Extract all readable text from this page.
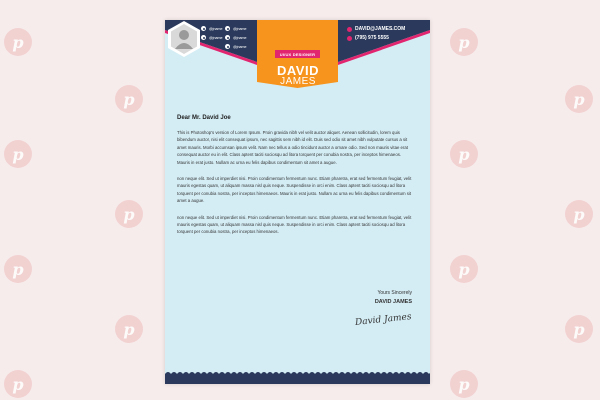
p
p
p
p
p
p
p
p
p
p
p
p
p
p
@jname	@jname
@jname
@jname
@jname
UI/UX DESIGNER
DAVID
JAMES
DAVID@JAMES.COM
(795) 975 5555

Dear Mr. David Joe

This is Photoshop's version of Lorem Ipsum. Proin gravida nibh vel velit auctor aliquet. Aenean sollicitudin, lorem quis bibendum auctor, nisi elit consequat ipsum, nec sagittis sem nibh id elit. Duis sed odio sit amet nibh vulputate cursus a sit amet mauris. Morbi accumsan ipsum velit. Nam nec tellus a odio tincidunt auctor a ornare odio. Sed non mauris vitae erat consequat auctor eu in elit. Class aptent taciti sociosqu ad litora torquent per conubia nostra, per inceptos himenaeos. Mauris in erat justo. Nullam ac urna eu felis dapibus condimentum sit amet a augue.

non neque elit. Sed ut imperdiet nisi. Proin condimentum fermentum nunc. Etiam pharetra, erat sed fermentum feugiat, velit mauris egestas quam, ut aliquam massa nisl quis neque. Suspendisse in orci enim. Class aptent taciti sociosqu ad litora torquent per conubia nostra, per inceptos himenaeos. Mauris in erat justo. Nullam ac urna eu felis dapibus condimentum sit amet a augue.

non neque elit. Sed ut imperdiet nisi. Proin condimentum fermentum nunc. Etiam pharetra, erat sed fermentum feugiat, velit mauris egestas quam, ut aliquam massa nisl quis neque. Suspendisse in orci enim. Class aptent taciti sociosqu ad litora torquent per conubia nostra, per inceptos himenaeos.

Yours Sincerely
DAVID JAMES
David James
